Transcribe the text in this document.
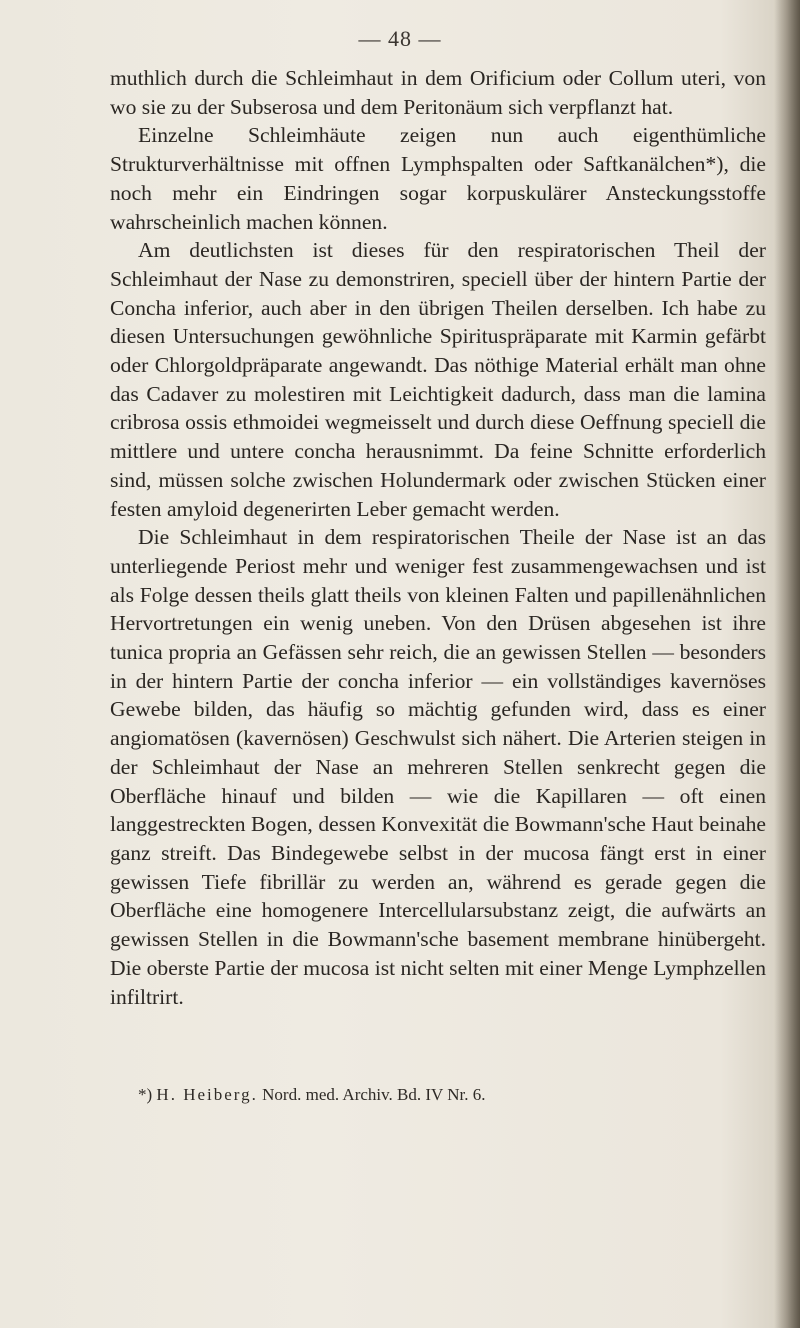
— 48 —

muthlich durch die Schleimhaut in dem Orificium oder Collum uteri, von wo sie zu der Subserosa und dem Peritonäum sich verpflanzt hat.

Einzelne Schleimhäute zeigen nun auch eigenthümliche Strukturverhältnisse mit offnen Lymphspalten oder Saftkanälchen*), die noch mehr ein Eindringen sogar korpuskulärer Ansteckungsstoffe wahrscheinlich machen können.

Am deutlichsten ist dieses für den respiratorischen Theil der Schleimhaut der Nase zu demonstriren, speciell über der hintern Partie der Concha inferior, auch aber in den übrigen Theilen derselben. Ich habe zu diesen Untersuchungen gewöhnliche Spirituspräparate mit Karmin gefärbt oder Chlorgoldpräparate angewandt. Das nöthige Material erhält man ohne das Cadaver zu molestiren mit Leichtigkeit dadurch, dass man die lamina cribrosa ossis ethmoidei wegmeisselt und durch diese Oeffnung speciell die mittlere und untere concha herausnimmt. Da feine Schnitte erforderlich sind, müssen solche zwischen Holundermark oder zwischen Stücken einer festen amyloid degenerirten Leber gemacht werden.

Die Schleimhaut in dem respiratorischen Theile der Nase ist an das unterliegende Periost mehr und weniger fest zusammengewachsen und ist als Folge dessen theils glatt theils von kleinen Falten und papillenähnlichen Hervortretungen ein wenig uneben. Von den Drüsen abgesehen ist ihre tunica propria an Gefässen sehr reich, die an gewissen Stellen — besonders in der hintern Partie der concha inferior — ein vollständiges kavernöses Gewebe bilden, das häufig so mächtig gefunden wird, dass es einer angiomatösen (kavernösen) Geschwulst sich nähert. Die Arterien steigen in der Schleimhaut der Nase an mehreren Stellen senkrecht gegen die Oberfläche hinauf und bilden — wie die Kapillaren — oft einen langgestreckten Bogen, dessen Konvexität die Bowmann'sche Haut beinahe ganz streift. Das Bindegewebe selbst in der mucosa fängt erst in einer gewissen Tiefe fibrillär zu werden an, während es gerade gegen die Oberfläche eine homogenere Intercellularsubstanz zeigt, die aufwärts an gewissen Stellen in die Bowmann'sche basement membrane hinübergeht. Die oberste Partie der mucosa ist nicht selten mit einer Menge Lymphzellen infiltrirt.

*) H. Heiberg. Nord. med. Archiv. Bd. IV Nr. 6.
